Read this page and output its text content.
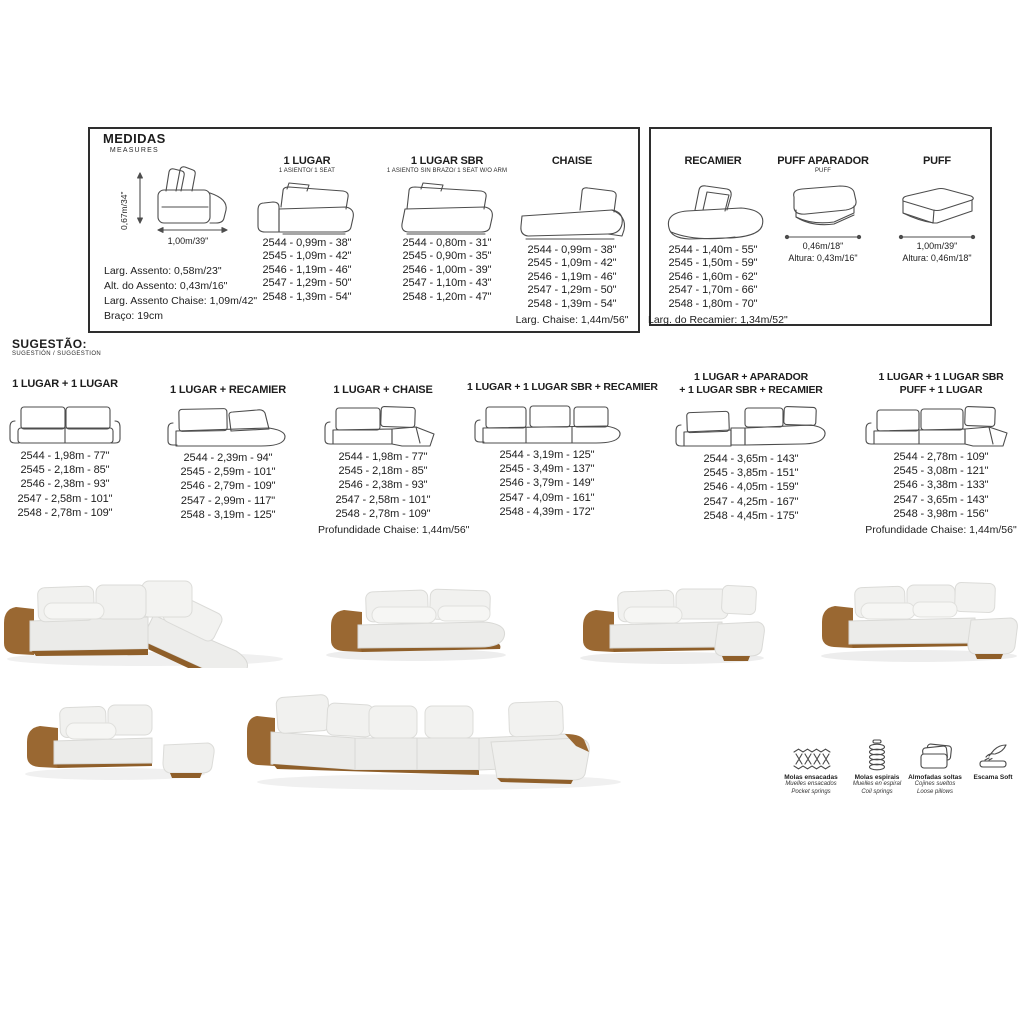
MEDIDAS
MEASURES
0,67m/34"
1,00m/39"
Larg. Assento: 0,58m/23"
Alt. do Assento: 0,43m/16"
Larg. Assento Chaise: 1,09m/42"
Braço: 19cm
1 LUGAR
1 ASIENTO/ 1 SEAT
2544 - 0,99m - 38"
2545 - 1,09m - 42"
2546 - 1,19m - 46"
2547 - 1,29m - 50"
2548 - 1,39m - 54"
1 LUGAR SBR
1 ASIENTO SIN BRAZO/ 1 SEAT W/O ARM
2544 - 0,80m - 31"
2545 - 0,90m - 35"
2546 - 1,00m - 39"
2547 - 1,10m - 43"
2548 - 1,20m - 47"
CHAISE
2544 - 0,99m - 38"
2545 - 1,09m - 42"
2546 - 1,19m - 46"
2547 - 1,29m - 50"
2548 - 1,39m - 54"
Larg. Chaise: 1,44m/56"
RECAMIER
2544 - 1,40m - 55"
2545 - 1,50m - 59"
2546 - 1,60m - 62"
2547 - 1,70m - 66"
2548 - 1,80m - 70"
Larg. do Recamier: 1,34m/52"
PUFF APARADOR
PUFF
0,46m/18"
Altura: 0,43m/16"
PUFF
1,00m/39"
Altura: 0,46m/18"
SUGESTÃO:
SUGESTIÓN / SUGGESTION
1 LUGAR + 1 LUGAR
2544 - 1,98m - 77"
2545 - 2,18m - 85"
2546 - 2,38m - 93"
2547 - 2,58m - 101"
2548 - 2,78m - 109"
1 LUGAR + RECAMIER
2544 - 2,39m - 94"
2545 - 2,59m - 101"
2546 - 2,79m - 109"
2547 - 2,99m - 117"
2548 - 3,19m - 125"
1 LUGAR + CHAISE
2544 - 1,98m - 77"
2545 - 2,18m - 85"
2546 - 2,38m - 93"
2547 - 2,58m - 101"
2548 - 2,78m - 109"
Profundidade Chaise: 1,44m/56"
1 LUGAR + 1 LUGAR SBR + RECAMIER
2544 - 3,19m - 125"
2545 - 3,49m - 137"
2546 - 3,79m - 149"
2547 - 4,09m - 161"
2548 - 4,39m - 172"
1 LUGAR + APARADOR
+ 1 LUGAR SBR + RECAMIER
2544 - 3,65m - 143"
2545 - 3,85m - 151"
2546 - 4,05m - 159"
2547 - 4,25m - 167"
2548 - 4,45m - 175"
1 LUGAR + 1 LUGAR SBR
PUFF + 1 LUGAR
2544 - 2,78m - 109"
2545 - 3,08m - 121"
2546 - 3,38m - 133"
2547 - 3,65m - 143"
2548 - 3,98m - 156"
Profundidade Chaise: 1,44m/56"
Molas ensacadas
Muelles ensacados
Pocket springs
Molas espirais
Muelles en espiral
Coil springs
Almofadas soltas
Cojines sueltos
Loose pillows
Escama Soft
